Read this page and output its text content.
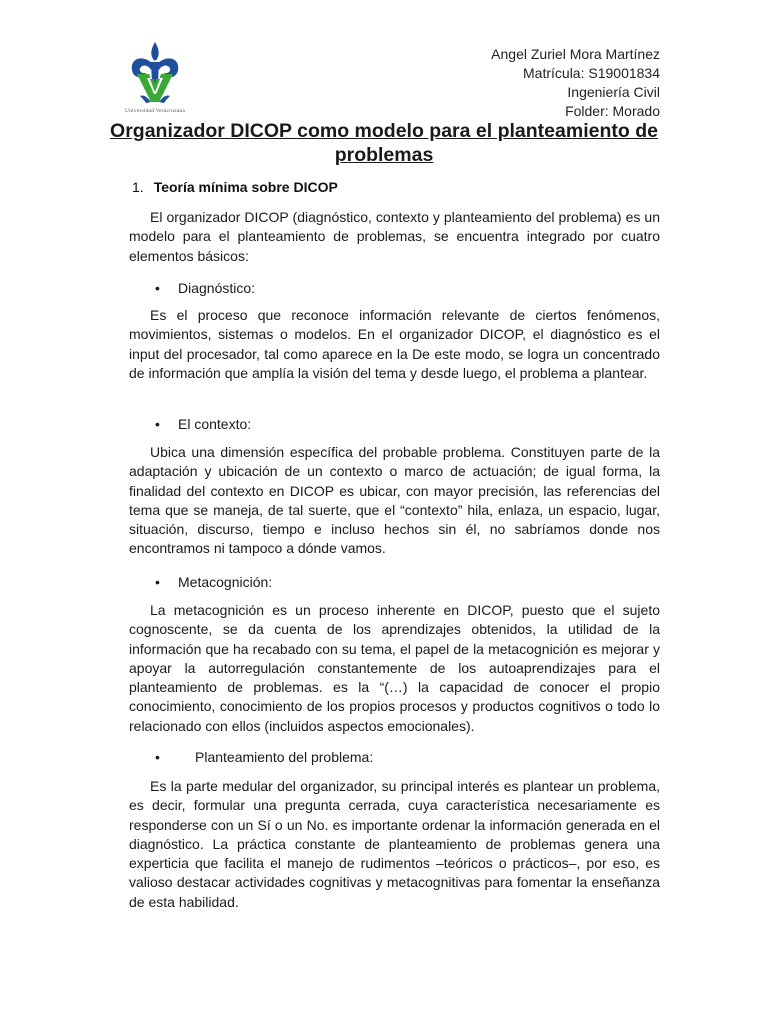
Universidad Veracruzana
Angel Zuriel Mora Martínez
Matrícula: S19001834
Ingeniería Civil
Folder: Morado
Organizador DICOP como modelo para el planteamiento de problemas
1. Teoría mínima sobre DICOP

El organizador DICOP (diagnóstico, contexto y planteamiento del problema) es un modelo para el planteamiento de problemas, se encuentra integrado por cuatro elementos básicos:

• Diagnóstico:

Es el proceso que reconoce información relevante de ciertos fenómenos, movimientos, sistemas o modelos. En el organizador DICOP, el diagnóstico es el input del procesador, tal como aparece en la De este modo, se logra un concentrado de información que amplía la visión del tema y desde luego, el problema a plantear.

• El contexto:

Ubica una dimensión específica del probable problema. Constituyen parte de la adaptación y ubicación de un contexto o marco de actuación; de igual forma, la finalidad del contexto en DICOP es ubicar, con mayor precisión, las referencias del tema que se maneja, de tal suerte, que el “contexto” hila, enlaza, un espacio, lugar, situación, discurso, tiempo e incluso hechos sin él, no sabríamos donde nos encontramos ni tampoco a dónde vamos.

• Metacognición:

La metacognición es un proceso inherente en DICOP, puesto que el sujeto cognoscente, se da cuenta de los aprendizajes obtenidos, la utilidad de la información que ha recabado con su tema, el papel de la metacognición es mejorar y apoyar la autorregulación constantemente de los autoaprendizajes para el planteamiento de problemas. es la “(…) la capacidad de conocer el propio conocimiento, conocimiento de los propios procesos y productos cognitivos o todo lo relacionado con ellos (incluidos aspectos emocionales).

•	Planteamiento del problema:

Es la parte medular del organizador, su principal interés es plantear un problema, es decir, formular una pregunta cerrada, cuya característica necesariamente es responderse con un Sí o un No. es importante ordenar la información generada en el diagnóstico. La práctica constante de planteamiento de problemas genera una experticia que facilita el manejo de rudimentos –teóricos o prácticos–, por eso, es valioso destacar actividades cognitivas y metacognitivas para fomentar la enseñanza de esta habilidad.
